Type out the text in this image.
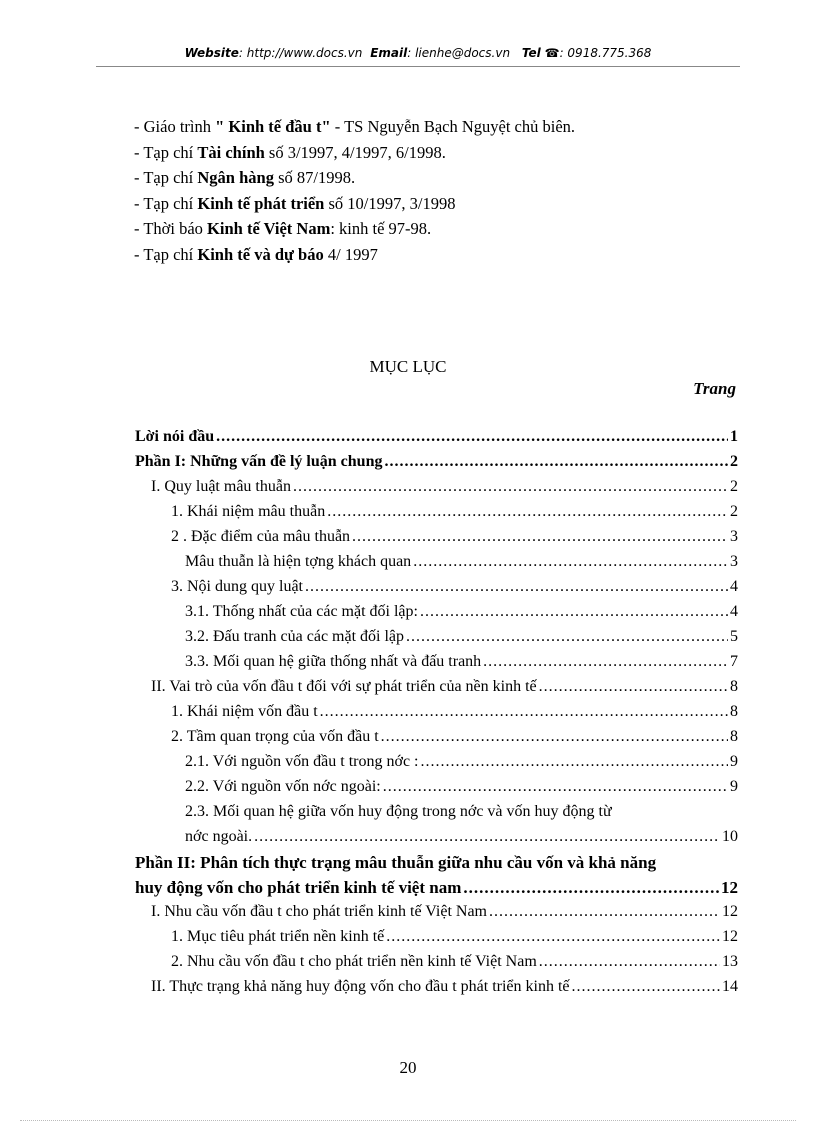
Website: http://www.docs.vn Email: lienhe@docs.vn Tel ☎: 0918.775.368
- Giáo trình " Kinh tế đầu t" - TS Nguyễn Bạch Nguyệt chủ biên.
- Tạp chí Tài chính số 3/1997, 4/1997, 6/1998.
- Tạp chí Ngân hàng số 87/1998.
- Tạp chí Kinh tế phát triển số 10/1997, 3/1998
- Thời báo Kinh tế Việt Nam: kinh tế 97-98.
- Tạp chí Kinh tế và dự báo 4/ 1997
MỤC LỤC
Trang
Lời nói đầu .....	1
Phần I: Những vấn đề lý luận chung .....	2
I. Quy luật mâu thuẫn .....	2
1. Khái niệm mâu thuẫn .....	2
2 . Đặc điểm của mâu thuẫn .....	3
Mâu thuẫn là hiện tợng khách quan .....	3
3. Nội dung quy luật .....	4
3.1. Thống nhất của các mặt đối lập: .....	4
3.2. Đấu tranh của các mặt đối lập .....	5
3.3. Mối quan hệ giữa thống nhất và đấu tranh .....	7
II. Vai trò của vốn đầu t đối với sự phát triển của nền kinh tế .....	8
1. Khái niệm vốn đầu t .....	8
2. Tầm quan trọng của vốn đầu t .....	8
2.1. Với nguồn vốn đầu t trong nớc : .....	9
2.2. Với nguồn vốn nớc ngoài: .....	9
2.3. Mối quan hệ giữa vốn huy động trong nớc và vốn huy động từ
nớc ngoài. .....	10
Phần II: Phân tích thực trạng mâu thuẫn giữa nhu cầu vốn và khả năng
huy động vốn cho phát triển kinh tế việt nam .....	12
I. Nhu cầu vốn đầu t cho phát triển kinh tế Việt Nam .....	12
1. Mục tiêu phát triển nền kinh tế .....	12
2. Nhu cầu vốn đầu t cho phát triển nền kinh tế Việt Nam .....	13
II. Thực trạng khả năng huy động vốn cho đầu t phát triển kinh tế .....	14
20
